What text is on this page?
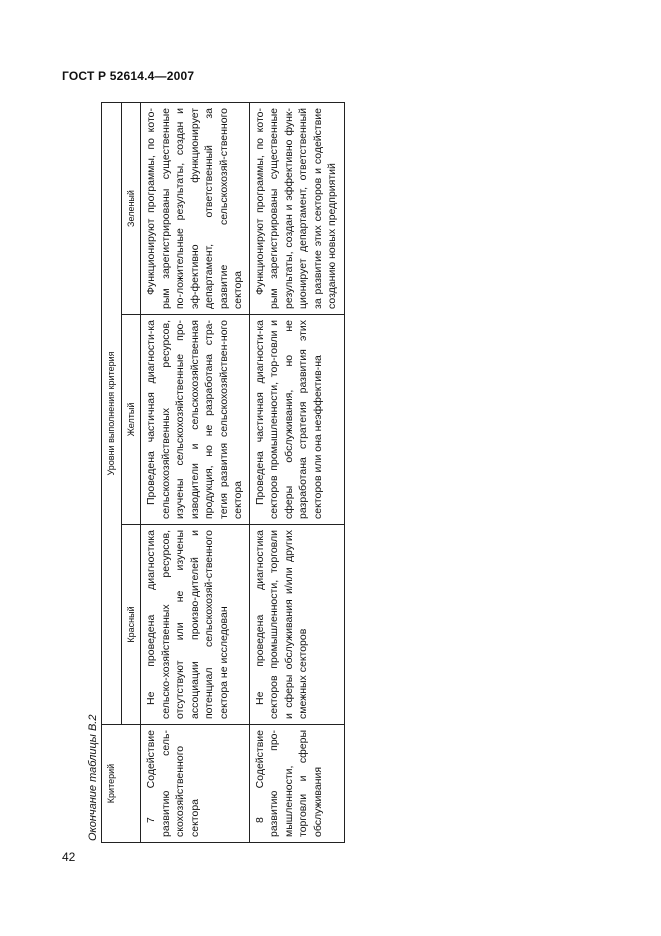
ГОСТ Р 52614.4—2007
Окончание таблицы В.2 Критерий	Уровни выполнения критерия		
	Красный	Желтый	Зеленый
7 Содействие развитию сель-скохозяйственного сектора	Не проведена диагностика сельско-хозяйственных ресурсов, отсутствуют или не изучены ассоциации произво-дителей и потенциал сельскохозяй-ственного сектора не исследован	Проведена частичная диагности-ка сельскохозяйственных ресурсов, изучены сельскохозяйственные про-изводители и сельскохозяйственная продукция, но не разработана стра-тегия развития сельскохозяйствен-ного сектора	Функционируют программы, по кото-рым зарегистрированы существенные по-ложительные результаты, создан и эф-фективно функционирует департамент, ответственный за развитие сельскохозяй-ственного сектора
8 Содействие развитию про-мышленности, торговли и сферы обслуживания	Не проведена диагностика секторов промышленности, торговли и сферы обслуживания и/или других смежных секторов	Проведена частичная диагности-ка секторов промышленности, тор-говли и сферы обслуживания, но не разработана стратегия развития этих секторов или она неэффектив-на	Функционируют программы, по кото-рым зарегистрированы существенные результаты, создан и эффективно функ-ционирует департамент, ответственный за развитие этих секторов и содействие созданию новых предприятий
42
